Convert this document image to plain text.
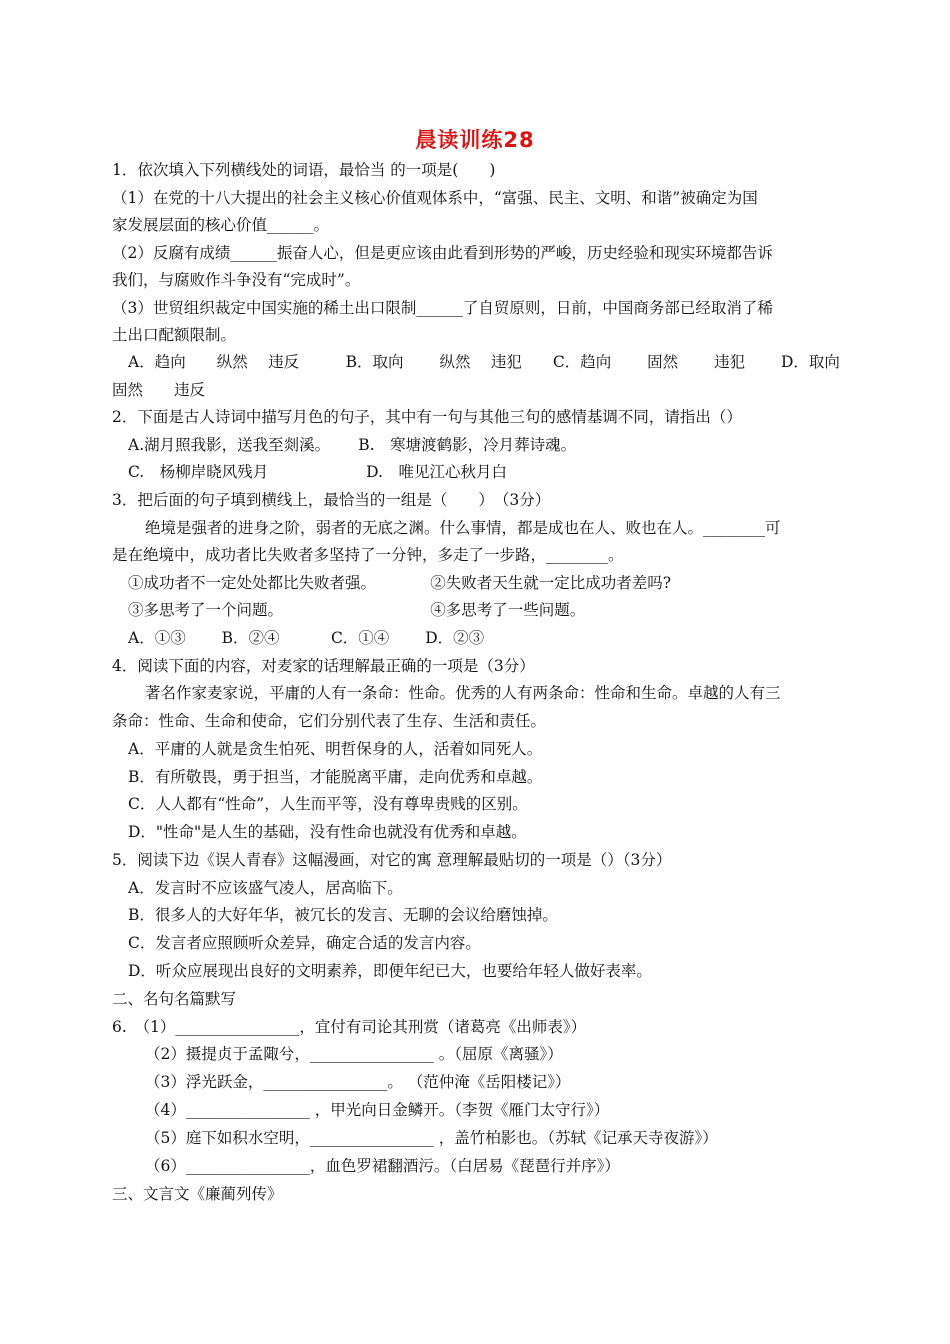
晨读训练28
1．依次填入下列横线处的词语，最恰当 的一项是(　　)
（1）在党的十八大提出的社会主义核心价值观体系中，“富强、民主、文明、和谐”被确定为国
家发展层面的核心价值______。
（2）反腐有成绩______振奋人心，但是更应该由此看到形势的严峻，历史经验和现实环境都告诉
我们，与腐败作斗争没有“完成时”。
（3）世贸组织裁定中国实施的稀土出口限制______了自贸原则，日前，中国商务部已经取消了稀
土出口配额限制。
A．趋向　　纵然　 违反　　　B．取向　　 纵然　 违犯　　C．趋向　　 固然　　 违犯　　 D．取向
固然　　违反
2．下面是古人诗词中描写月色的句子，其中有一句与其他三句的感情基调不同，请指出（）
A.湖月照我影，送我至剡溪。　　 B.　寒塘渡鹤影，冷月葬诗魂。
C.　杨柳岸晓风残月　　　　　　 D.　唯见江心秋月白
3．把后面的句子填到横线上，最恰当的一组是（　　）　（3分）
绝境是强者的进身之阶，弱者的无底之渊。什么事情，都是成也在人、败也在人。________可
是在绝境中，成功者比失败者多坚持了一分钟，多走了一步路，________。
①成功者不一定处处都比失败者强。　　　　②失败者天生就一定比成功者差吗?
③多思考了一个问题。　　　　　　　　　　④多思考了一些问题。
A．①③　　 B．②④　　　 C．①④　　 D．②③
4．阅读下面的内容，对麦家的话理解最正确的一项是（3分）
著名作家麦家说，平庸的人有一条命：性命。优秀的人有两条命：性命和生命。卓越的人有三
条命：性命、生命和使命，它们分别代表了生存、生活和责任。
A．平庸的人就是贪生怕死、明哲保身的人，活着如同死人。
B．有所敬畏，勇于担当，才能脱离平庸，走向优秀和卓越。
C．人人都有“性命”，人生而平等，没有尊卑贵贱的区别。
D．"性命"是人生的基础，没有性命也就没有优秀和卓越。
5．阅读下边《误人青春》这幅漫画，对它的寓 意理解最贴切的一项是（）（3分）
A．发言时不应该盛气凌人，居高临下。
B．很多人的大好年华，被冗长的发言、无聊的会议给磨蚀掉。
C．发言者应照顾听众差异，确定合适的发言内容。
D．听众应展现出良好的文明素养，即便年纪已大，也要给年轻人做好表率。
二、名句名篇默写
6.　（1）________________，宜付有司论其刑赏（诸葛亮《出师表》）
（2）摄提贞于孟陬兮，________________ 。（屈原《离骚》）
（3）浮光跃金，________________。 （范仲淹《岳阳楼记》）
（4）________________ ，甲光向日金鳞开。（李贺《雁门太守行》）
（5）庭下如积水空明，________________ ，盖竹柏影也。（苏轼《记承天寺夜游》）
（6）________________，血色罗裙翻酒污。（白居易《琵琶行并序》）
三、文言文《廉蔺列传》
